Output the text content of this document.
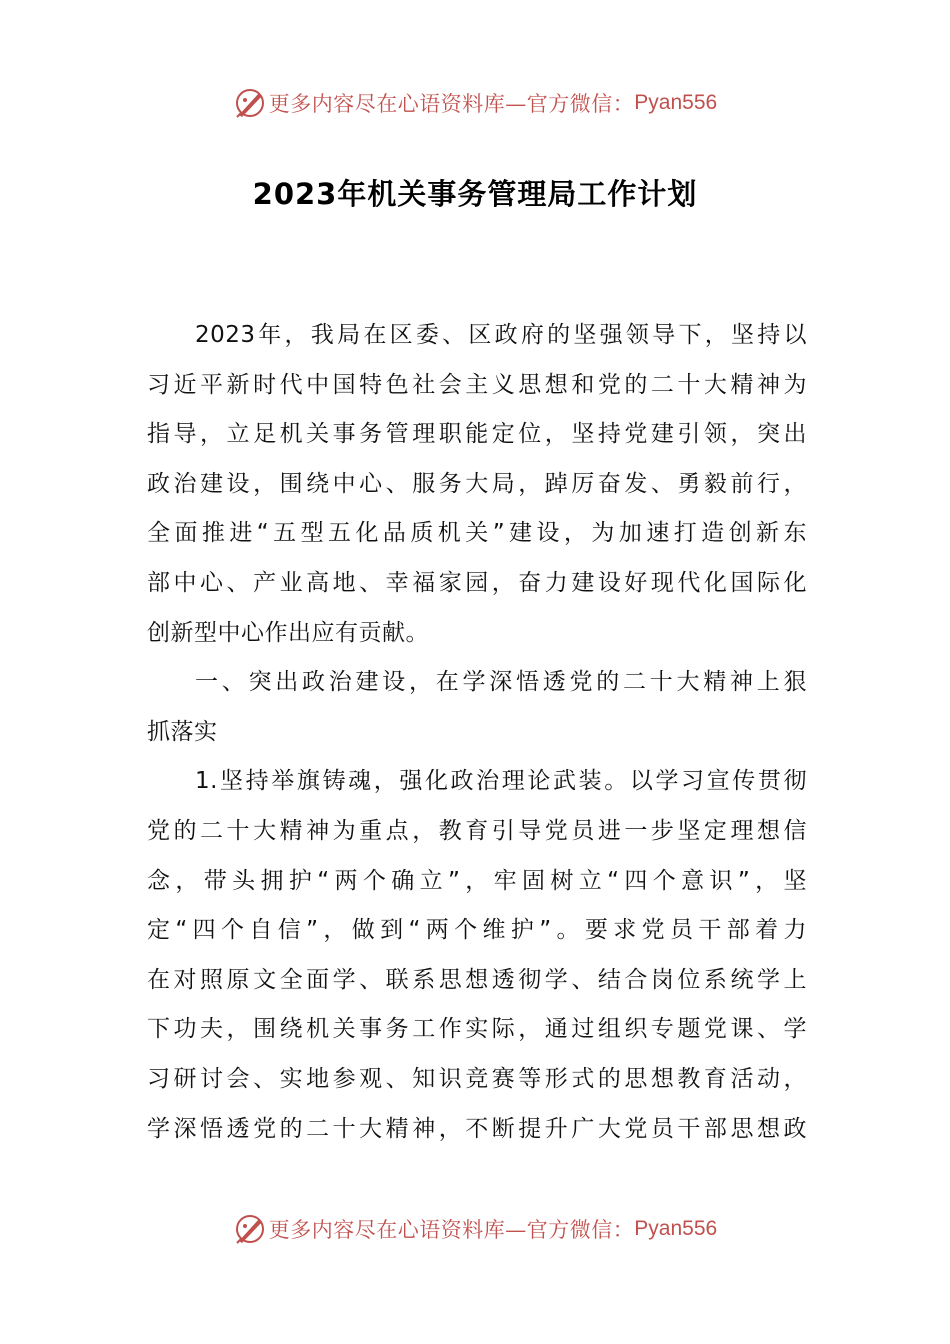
更多内容尽在心语资料库—官方微信： Pyan556
2023年机关事务管理局工作计划
2023年，我局在区委、区政府的坚强领导下，坚持以
习近平新时代中国特色社会主义思想和党的二十大精神为
指导，立足机关事务管理职能定位，坚持党建引领，突出
政治建设，围绕中心、服务大局，踔厉奋发、勇毅前行，
全面推进“五型五化品质机关”建设，为加速打造创新东
部中心、产业高地、幸福家园，奋力建设好现代化国际化
创新型中心作出应有贡献。
一、突出政治建设，在学深悟透党的二十大精神上狠
抓落实
1.坚持举旗铸魂，强化政治理论武装。以学习宣传贯彻
党的二十大精神为重点，教育引导党员进一步坚定理想信
念，带头拥护“两个确立”，牢固树立“四个意识”，坚
定“四个自信”，做到“两个维护”。要求党员干部着力
在对照原文全面学、联系思想透彻学、结合岗位系统学上
下功夫，围绕机关事务工作实际，通过组织专题党课、学
习研讨会、实地参观、知识竞赛等形式的思想教育活动，
学深悟透党的二十大精神，不断提升广大党员干部思想政
更多内容尽在心语资料库—官方微信： Pyan556
